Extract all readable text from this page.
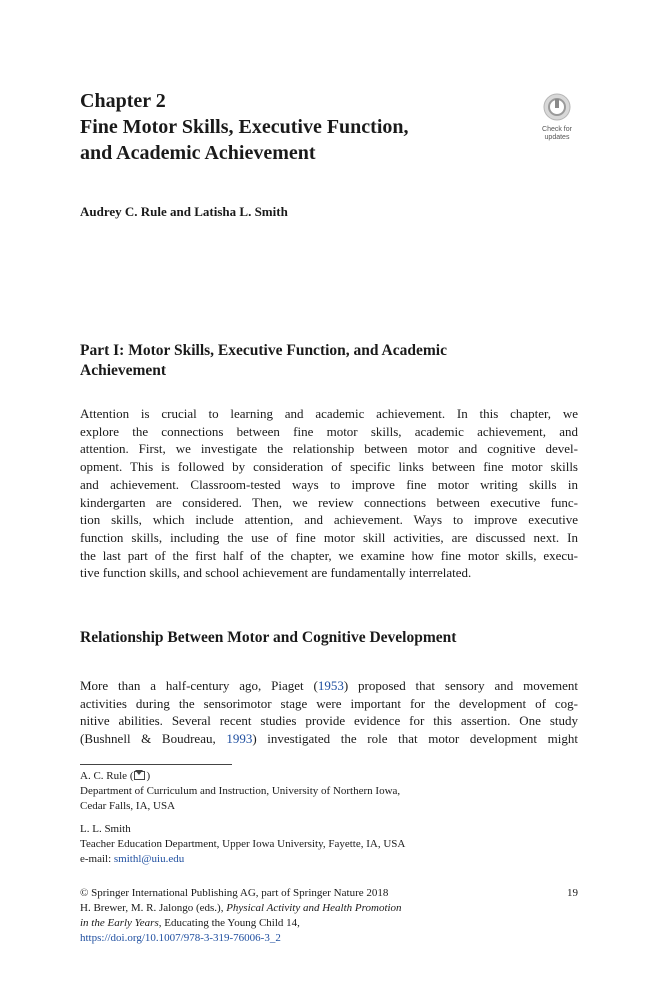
Chapter 2
Fine Motor Skills, Executive Function,
and Academic Achievement
Check for
updates
Audrey C. Rule and Latisha L. Smith
Part I: Motor Skills, Executive Function, and Academic
Achievement
Attention is crucial to learning and academic achievement. In this chapter, we
explore the connections between fine motor skills, academic achievement, and
attention. First, we investigate the relationship between motor and cognitive devel-
opment. This is followed by consideration of specific links between fine motor skills
and achievement. Classroom-tested ways to improve fine motor writing skills in
kindergarten are considered. Then, we review connections between executive func-
tion skills, which include attention, and achievement. Ways to improve executive
function skills, including the use of fine motor skill activities, are discussed next. In
the last part of the first half of the chapter, we examine how fine motor skills, execu-
tive function skills, and school achievement are fundamentally interrelated.
Relationship Between Motor and Cognitive Development
More than a half-century ago, Piaget (1953) proposed that sensory and movement
activities during the sensorimotor stage were important for the development of cog-
nitive abilities. Several recent studies provide evidence for this assertion. One study
(Bushnell & Boudreau, 1993) investigated the role that motor development might
A. C. Rule ( )
Department of Curriculum and Instruction, University of Northern Iowa,
Cedar Falls, IA, USA
L. L. Smith
Teacher Education Department, Upper Iowa University, Fayette, IA, USA
e-mail: smithl@uiu.edu
© Springer International Publishing AG, part of Springer Nature 2018	19
H. Brewer, M. R. Jalongo (eds.), Physical Activity and Health Promotion
in the Early Years, Educating the Young Child 14,
https://doi.org/10.1007/978-3-319-76006-3_2
